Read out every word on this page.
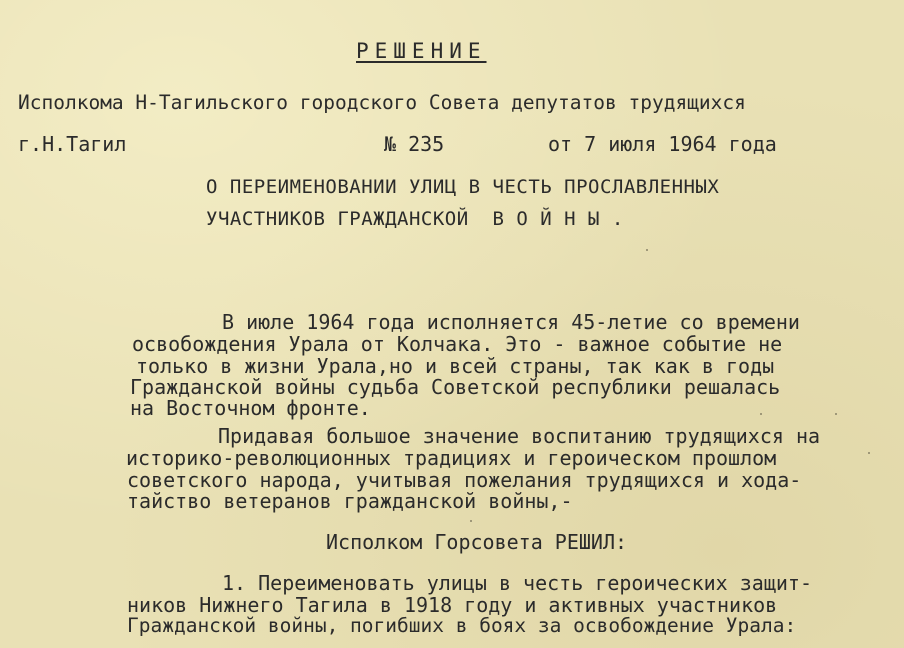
РЕШЕНИЕ
Исполкома Н-Тагильского городского Совета депутатов трудящихся
г.Н.Тагил	№ 235	от 7 июля 1964 года
О ПЕРЕИМЕНОВАНИИ УЛИЦ В ЧЕСТЬ ПРОСЛАВЛЕННЫХ
УЧАСТНИКОВ ГРАЖДАНСКОЙ  В О Й Н Ы .
В июле 1964 года исполняется 45-летие со времени
освобождения Урала от Колчака. Это - важное событие не
только в жизни Урала,но и всей страны, так как в годы
Гражданской войны судьба Советской республики решалась
на Восточном фронте.
Придавая большое значение воспитанию трудящихся на
историко-революционных традициях и героическом прошлом
советского народа, учитывая пожелания трудящихся и хода-
тайство ветеранов гражданской войны,-
Исполком Горсовета РЕШИЛ:
1. Переименовать улицы в честь героических защит-
ников Нижнего Тагила в 1918 году и активных участников
Гражданской войны, погибших в боях за освобождение Урала:
